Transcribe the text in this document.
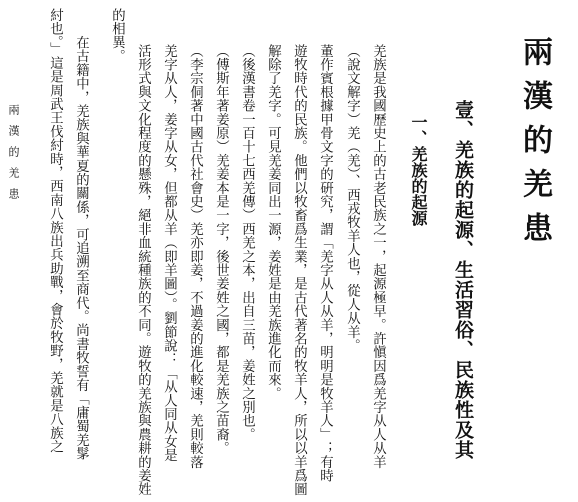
兩漢的羌患	兩漢的羌患
壹、羌族的起源、生活習俗、民族性及其
一、羌族的起源
羌族是我國歷史上的古老民族之一，起源極早。許愼因爲羌字从人从羊
（說文解字）羌（羌）、西戎牧羊人也，從人从羊。
董作賓根據甲骨文字的硏究，謂「羌字从人从羊，明明是牧羊人」；有時
遊牧時代的民族。他們以牧畜爲生業，是古代著名的牧羊人，所以以羊爲圖
解除了羌字。可見羌姜同出一源，姜姓是由羌族進化而來。
（後漢書卷一百十七西羌傳）西羌之本，出自三苗，姜姓之別也。
（傅斯年著姜原）羌姜本是一字，後世姜姓之國，都是羌族之苗裔。
（李宗侗著中國古代社會史）羌亦即姜，不過姜的進化較速，羌則較落
羌字从人，姜字从女，但都从羊（即羊圖）。劉節說：「从人同从女是
活形式與文化程度的懸殊，絕非血統種族的不同。遊牧的羌族與農耕的姜姓
的相異。
　在古籍中，羌族與華夏的關係，可追溯至商代。尚書牧誓有「庸蜀羌髳
紂也。」這是周武王伐紂時，西南八族出兵助戰，會於牧野，羌就是八族之
